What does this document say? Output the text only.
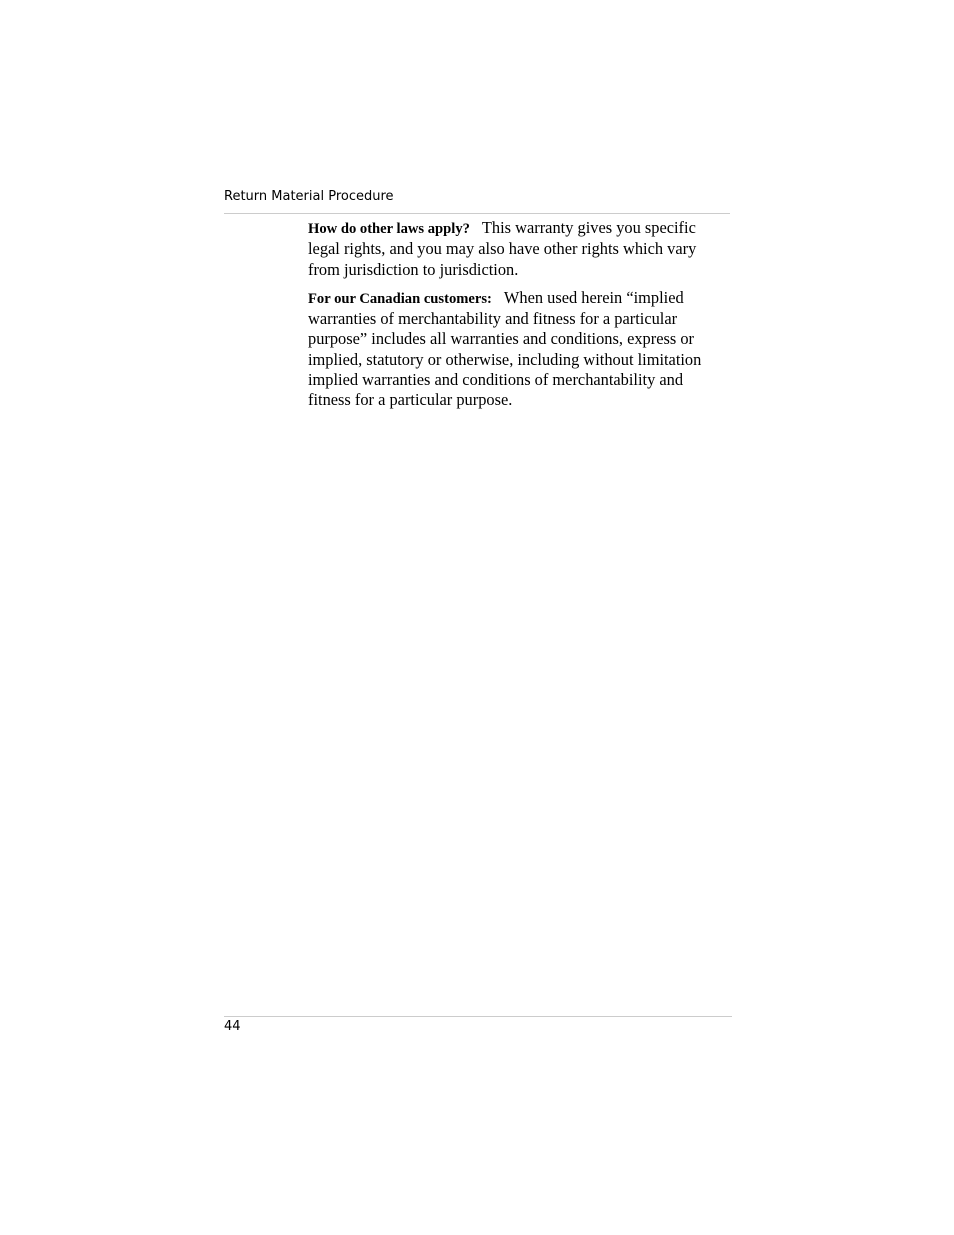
Return Material Procedure

How do other laws apply? This warranty gives you specific legal rights, and you may also have other rights which vary from jurisdiction to jurisdiction.

For our Canadian customers: When used herein “implied warranties of merchantability and fitness for a particular purpose” includes all warranties and conditions, express or implied, statutory or otherwise, including without limitation implied warranties and conditions of merchantability and fitness for a particular purpose.

44
